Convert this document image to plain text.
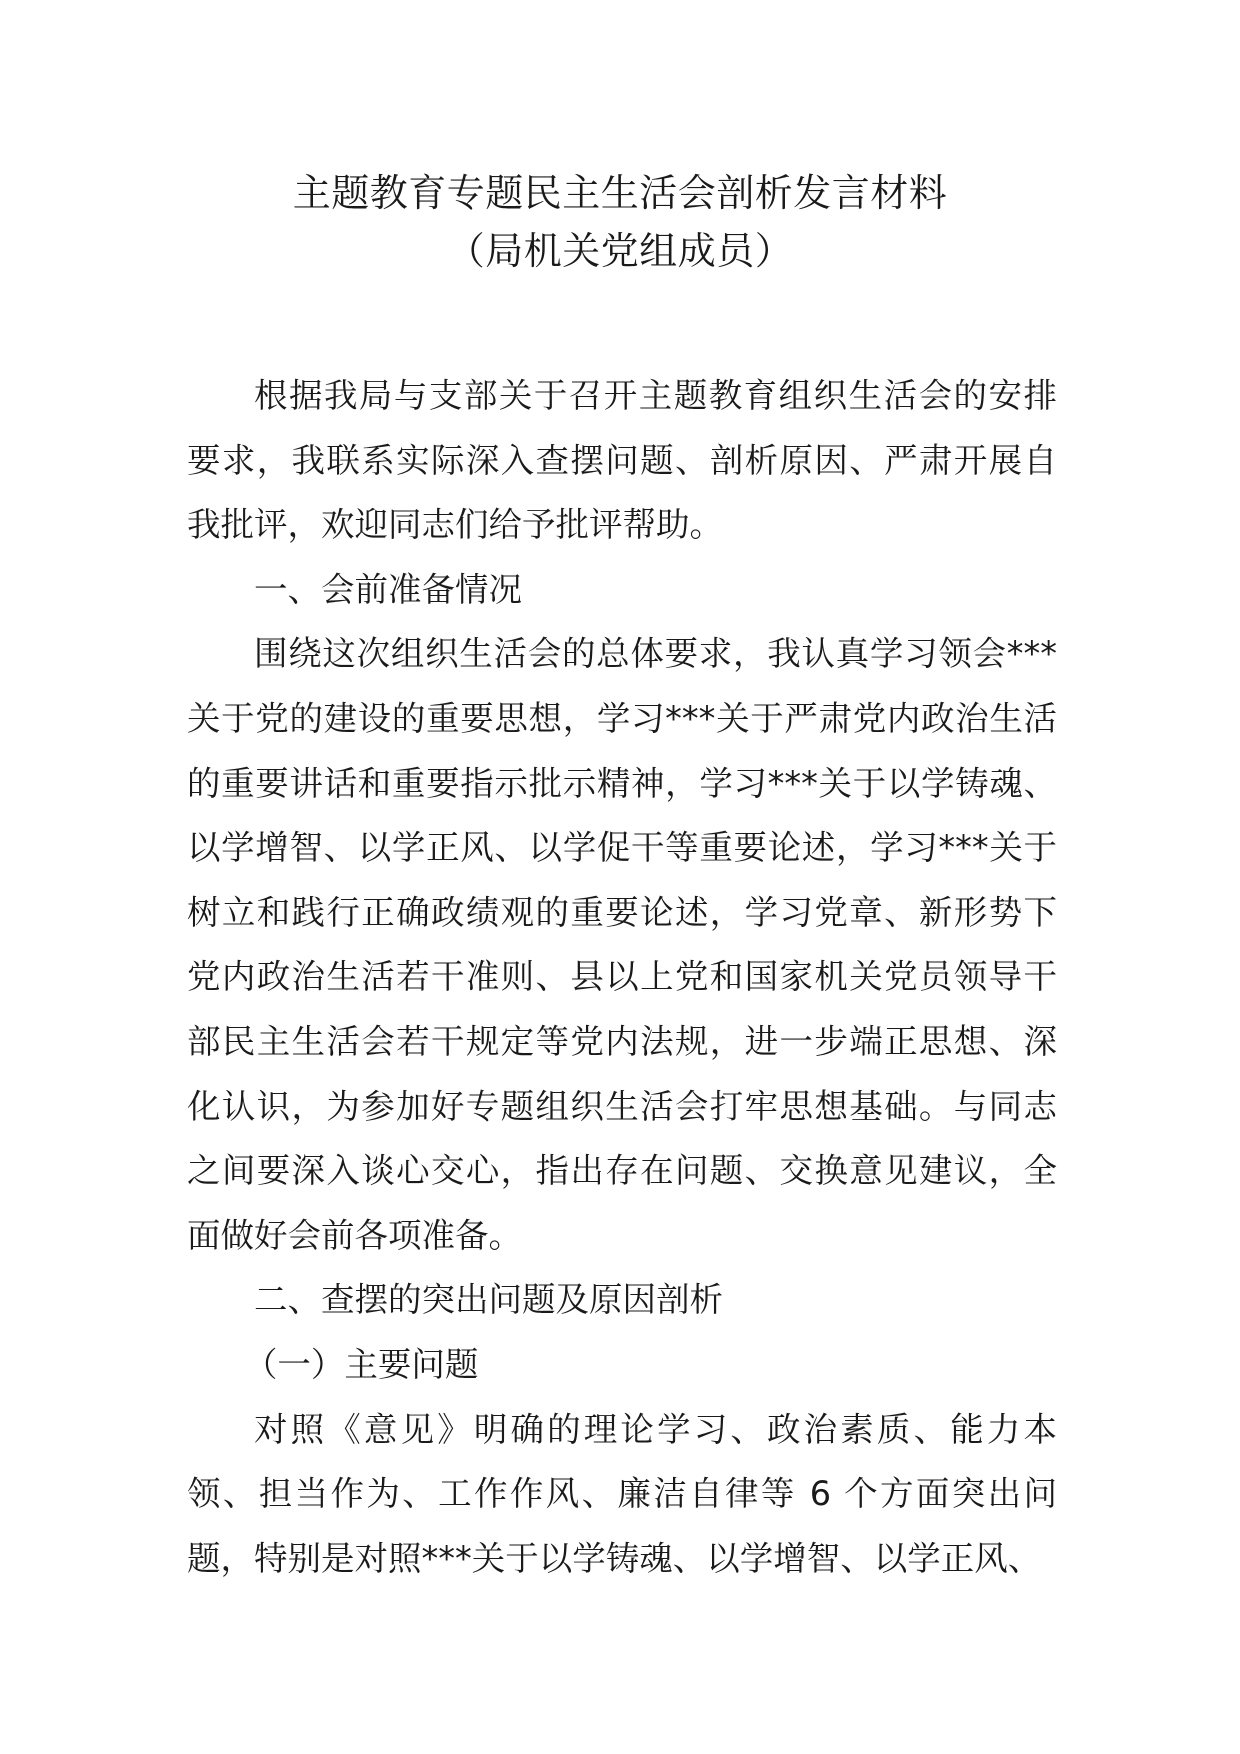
主题教育专题民主生活会剖析发言材料

（局机关党组成员）

根据我局与支部关于召开主题教育组织生活会的安排要求，我联系实际深入查摆问题、剖析原因、严肃开展自我批评，欢迎同志们给予批评帮助。

一、会前准备情况

围绕这次组织生活会的总体要求，我认真学习领会***关于党的建设的重要思想，学习***关于严肃党内政治生活的重要讲话和重要指示批示精神，学习***关于以学铸魂、以学增智、以学正风、以学促干等重要论述，学习***关于树立和践行正确政绩观的重要论述，学习党章、新形势下党内政治生活若干准则、县以上党和国家机关党员领导干部民主生活会若干规定等党内法规，进一步端正思想、深化认识，为参加好专题组织生活会打牢思想基础。与同志之间要深入谈心交心，指出存在问题、交换意见建议，全面做好会前各项准备。

二、查摆的突出问题及原因剖析

（一）主要问题

对照《意见》明确的理论学习、政治素质、能力本领、担当作为、工作作风、廉洁自律等 6 个方面突出问题，特别是对照***关于以学铸魂、以学增智、以学正风、
